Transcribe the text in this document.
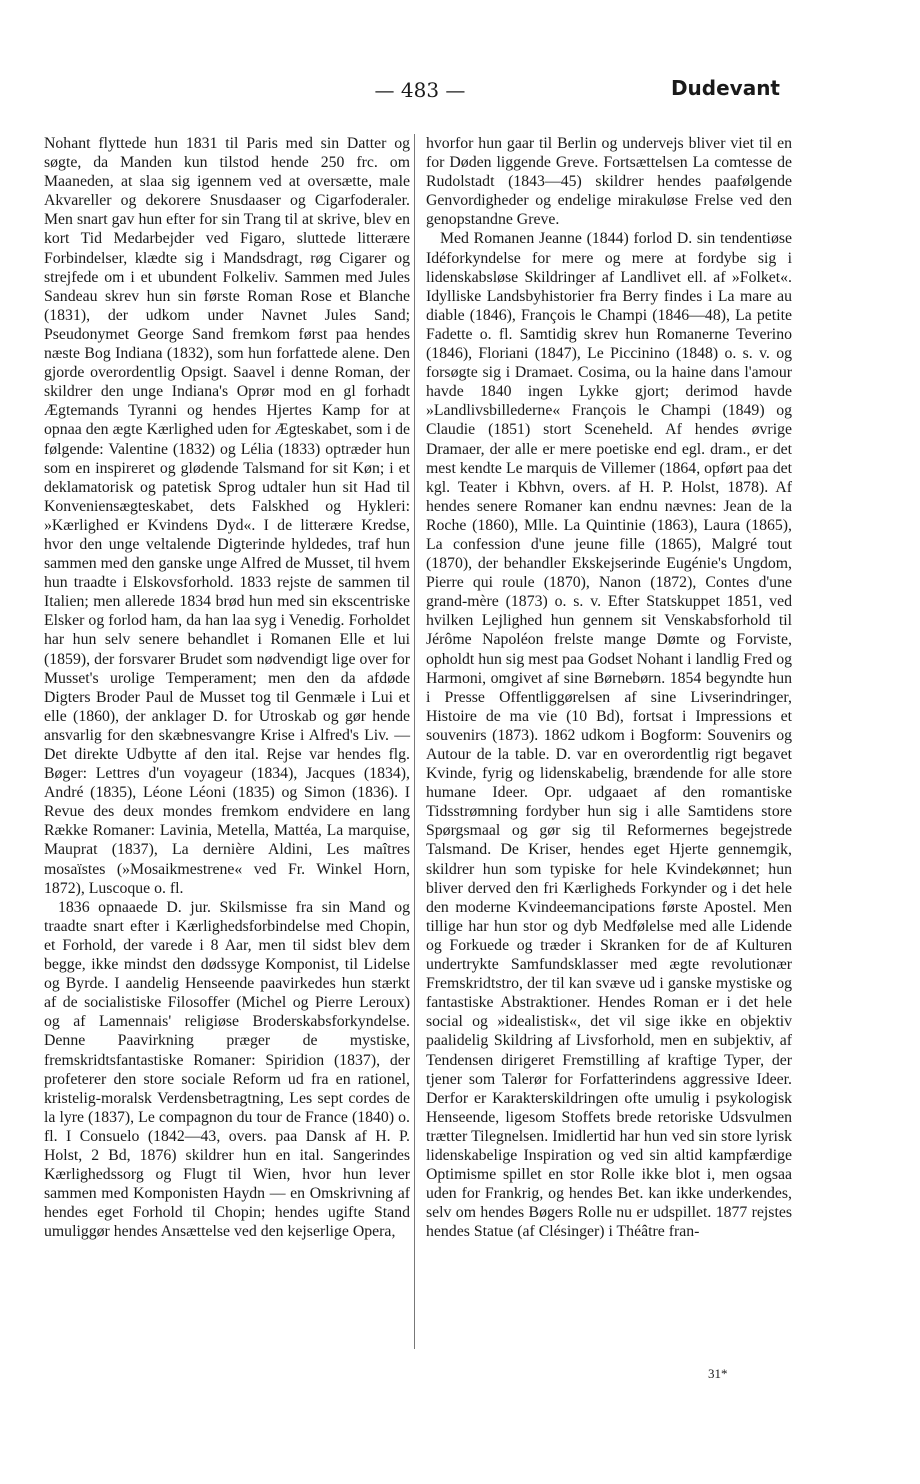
— 483 —	Dudevant

Nohant flyttede hun 1831 til Paris med sin Datter og søgte, da Manden kun tilstod hende 250 frc. om Maaneden, at slaa sig igennem ved at oversætte, male Akvareller og dekorere Snusdaaser og Cigarfoderaler. Men snart gav hun efter for sin Trang til at skrive, blev en kort Tid Medarbejder ved Figaro, sluttede litterære Forbindelser, klædte sig i Mandsdragt, røg Cigarer og strejfede om i et ubundent Folkeliv. Sammen med Jules Sandeau skrev hun sin første Roman Rose et Blanche (1831), der udkom under Navnet Jules Sand; Pseudonymet George Sand fremkom først paa hendes næste Bog Indiana (1832), som hun forfattede alene. Den gjorde overordentlig Opsigt. Saavel i denne Roman, der skildrer den unge Indiana's Oprør mod en gl forhadt Ægtemands Tyranni og hendes Hjertes Kamp for at opnaa den ægte Kærlighed uden for Ægteskabet, som i de følgende: Valentine (1832) og Lélia (1833) optræder hun som en inspireret og glødende Talsmand for sit Køn; i et deklamatorisk og patetisk Sprog udtaler hun sit Had til Konveniensægteskabet, dets Falskhed og Hykleri: »Kærlighed er Kvindens Dyd«. I de litterære Kredse, hvor den unge veltalende Digterinde hyldedes, traf hun sammen med den ganske unge Alfred de Musset, til hvem hun traadte i Elskovsforhold. 1833 rejste de sammen til Italien; men allerede 1834 brød hun med sin ekscentriske Elsker og forlod ham, da han laa syg i Venedig. Forholdet har hun selv senere behandlet i Romanen Elle et lui (1859), der forsvarer Brudet som nødvendigt lige over for Musset's urolige Temperament; men den da afdøde Digters Broder Paul de Musset tog til Genmæle i Lui et elle (1860), der anklager D. for Utroskab og gør hende ansvarlig for den skæbnesvangre Krise i Alfred's Liv. — Det direkte Udbytte af den ital. Rejse var hendes flg. Bøger: Lettres d'un voyageur (1834), Jacques (1834), André (1835), Léone Léoni (1835) og Simon (1836). I Revue des deux mondes fremkom endvidere en lang Række Romaner: Lavinia, Metella, Mattéa, La marquise, Mauprat (1837), La dernière Aldini, Les maîtres mosaïstes (»Mosaikmestrene« ved Fr. Winkel Horn, 1872), Luscoque o. fl.

1836 opnaaede D. jur. Skilsmisse fra sin Mand og traadte snart efter i Kærlighedsforbindelse med Chopin, et Forhold, der varede i 8 Aar, men til sidst blev dem begge, ikke mindst den dødssyge Komponist, til Lidelse og Byrde. I aandelig Henseende paavirkedes hun stærkt af de socialistiske Filosoffer (Michel og Pierre Leroux) og af Lamennais' religiøse Broderskabsforkyndelse. Denne Paavirkning præger de mystiske, fremskridtsfantastiske Romaner: Spiridion (1837), der profeterer den store sociale Reform ud fra en rationel, kristelig-moralsk Verdensbetragtning, Les sept cordes de la lyre (1837), Le compagnon du tour de France (1840) o. fl. I Consuelo (1842—43, overs. paa Dansk af H. P. Holst, 2 Bd, 1876) skildrer hun en ital. Sangerindes Kærlighedssorg og Flugt til Wien, hvor hun lever sammen med Komponisten Haydn — en Omskrivning af hendes eget Forhold til Chopin; hendes ugifte Stand umuliggør hendes Ansættelse ved den kejserlige Opera,

hvorfor hun gaar til Berlin og undervejs bliver viet til en for Døden liggende Greve. Fortsættelsen La comtesse de Rudolstadt (1843—45) skildrer hendes paafølgende Genvordigheder og endelige mirakuløse Frelse ved den genopstandne Greve.

Med Romanen Jeanne (1844) forlod D. sin tendentiøse Idéforkyndelse for mere og mere at fordybe sig i lidenskabsløse Skildringer af Landlivet ell. af »Folket«. Idylliske Landsbyhistorier fra Berry findes i La mare au diable (1846), François le Champi (1846—48), La petite Fadette o. fl. Samtidig skrev hun Romanerne Teverino (1846), Floriani (1847), Le Piccinino (1848) o. s. v. og forsøgte sig i Dramaet. Cosima, ou la haine dans l'amour havde 1840 ingen Lykke gjort; derimod havde »Landlivsbillederne« François le Champi (1849) og Claudie (1851) stort Sceneheld. Af hendes øvrige Dramaer, der alle er mere poetiske end egl. dram., er det mest kendte Le marquis de Villemer (1864, opført paa det kgl. Teater i Kbhvn, overs. af H. P. Holst, 1878). Af hendes senere Romaner kan endnu nævnes: Jean de la Roche (1860), Mlle. La Quintinie (1863), Laura (1865), La confession d'une jeune fille (1865), Malgré tout (1870), der behandler Ekskejserinde Eugénie's Ungdom, Pierre qui roule (1870), Nanon (1872), Contes d'une grand-mère (1873) o. s. v. Efter Statskuppet 1851, ved hvilken Lejlighed hun gennem sit Venskabsforhold til Jérôme Napoléon frelste mange Dømte og Forviste, opholdt hun sig mest paa Godset Nohant i landlig Fred og Harmoni, omgivet af sine Børnebørn. 1854 begyndte hun i Presse Offentliggørelsen af sine Livserindringer, Histoire de ma vie (10 Bd), fortsat i Impressions et souvenirs (1873). 1862 udkom i Bogform: Souvenirs og Autour de la table. D. var en overordentlig rigt begavet Kvinde, fyrig og lidenskabelig, brændende for alle store humane Ideer. Opr. udgaaet af den romantiske Tidsstrømning fordyber hun sig i alle Samtidens store Spørgsmaal og gør sig til Reformernes begejstrede Talsmand. De Kriser, hendes eget Hjerte gennemgik, skildrer hun som typiske for hele Kvindekønnet; hun bliver derved den fri Kærligheds Forkynder og i det hele den moderne Kvindeemancipations første Apostel. Men tillige har hun stor og dyb Medfølelse med alle Lidende og Forkuede og træder i Skranken for de af Kulturen undertrykte Samfundsklasser med ægte revolutionær Fremskridtstro, der til kan svæve ud i ganske mystiske og fantastiske Abstraktioner. Hendes Roman er i det hele social og »idealistisk«, det vil sige ikke en objektiv paalidelig Skildring af Livsforhold, men en subjektiv, af Tendensen dirigeret Fremstilling af kraftige Typer, der tjener som Talerør for Forfatterindens aggressive Ideer. Derfor er Karakterskildringen ofte umulig i psykologisk Henseende, ligesom Stoffets brede retoriske Udsvulmen trætter Tilegnelsen. Imidlertid har hun ved sin store lyrisk lidenskabelige Inspiration og ved sin altid kampfærdige Optimisme spillet en stor Rolle ikke blot i, men ogsaa uden for Frankrig, og hendes Bet. kan ikke underkendes, selv om hendes Bøgers Rolle nu er udspillet. 1877 rejstes hendes Statue (af Clésinger) i Théâtre fran-

31*
